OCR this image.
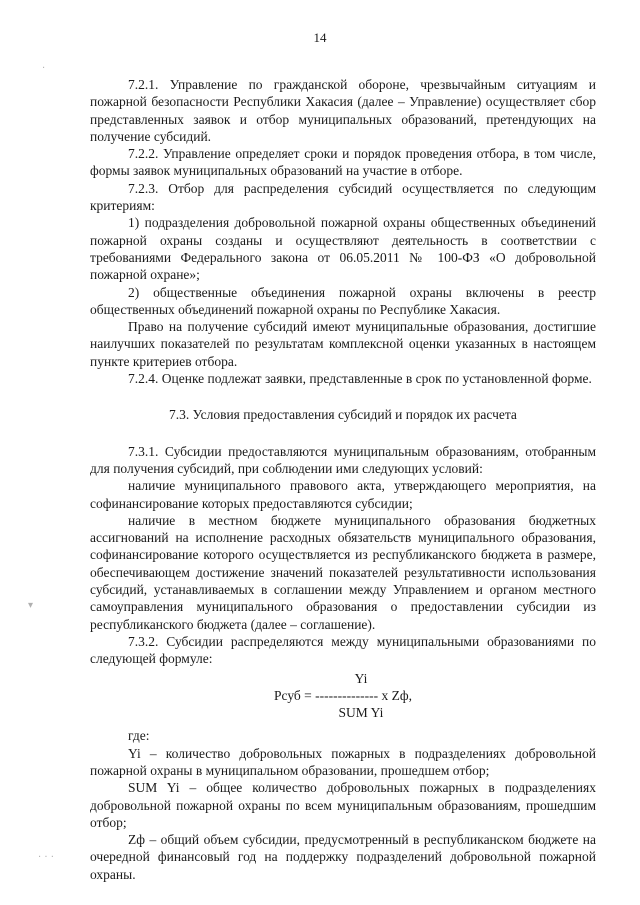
14

7.2.1. Управление по гражданской обороне, чрезвычайным ситуациям и пожарной безопасности Республики Хакасия (далее – Управление) осуществляет сбор представленных заявок и отбор муниципальных образований, претендующих на получение субсидий.

7.2.2. Управление определяет сроки и порядок проведения отбора, в том числе, формы заявок муниципальных образований на участие в отборе.

7.2.3. Отбор для распределения субсидий осуществляется по следующим критериям:

1) подразделения добровольной пожарной охраны общественных объединений пожарной охраны созданы и осуществляют деятельность в соответствии с требованиями Федерального закона от 06.05.2011 № 100-ФЗ «О добровольной пожарной охране»;

2) общественные объединения пожарной охраны включены в реестр общественных объединений пожарной охраны по Республике Хакасия.

Право на получение субсидий имеют муниципальные образования, достигшие наилучших показателей по результатам комплексной оценки указанных в настоящем пункте критериев отбора.

7.2.4. Оценке подлежат заявки, представленные в срок по установленной форме.

7.3. Условия предоставления субсидий и порядок их расчета

7.3.1. Субсидии предоставляются муниципальным образованиям, отобранным для получения субсидий, при соблюдении ими следующих условий:

наличие муниципального правового акта, утверждающего мероприятия, на софинансирование которых предоставляются субсидии;

наличие в местном бюджете муниципального образования бюджетных ассигнований на исполнение расходных обязательств муниципального образования, софинансирование которого осуществляется из республиканского бюджета в размере, обеспечивающем достижение значений показателей результативности использования субсидий, устанавливаемых в соглашении между Управлением и органом местного самоуправления муниципального образования о предоставлении субсидии из республиканского бюджета (далее – соглашение).

7.3.2. Субсидии распределяются между муниципальными образованиями по следующей формуле:

Yi
Рсуб = -------------- х Zф,
SUM Yi

где:

Yi – количество добровольных пожарных в подразделениях добровольной пожарной охраны в муниципальном образовании, прошедшем отбор;

SUM Yi – общее количество добровольных пожарных в подразделениях добровольной пожарной охраны по всем муниципальным образованиям, прошедшим отбор;

Zф – общий объем субсидии, предусмотренный в республиканском бюджете на очередной финансовый год на поддержку подразделений добровольной пожарной охраны.

·
▾
· · ·
